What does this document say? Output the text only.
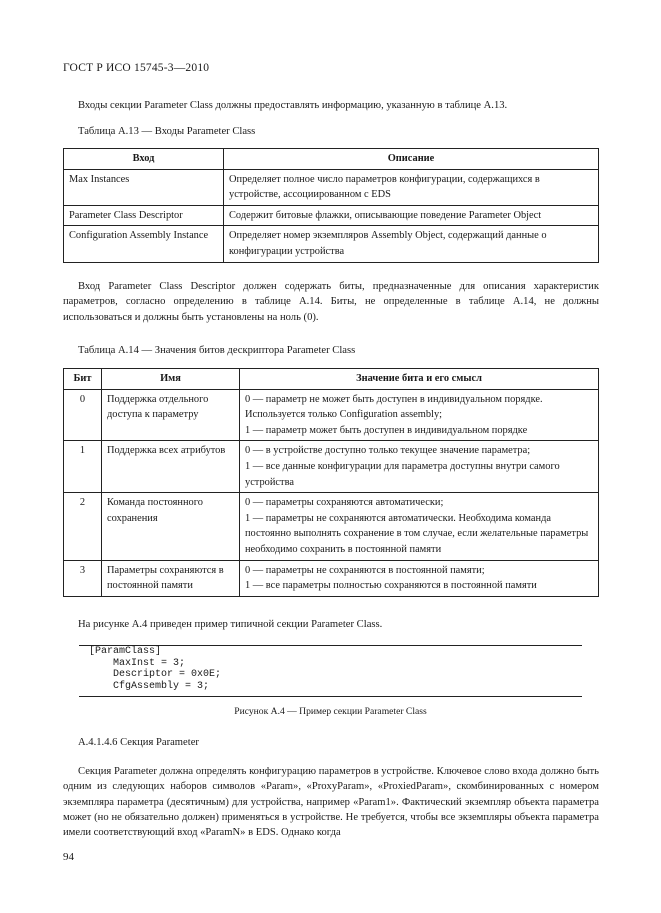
ГОСТ Р ИСО 15745-3—2010
Входы секции Parameter Class должны предоставлять информацию, указанную в таблице А.13.
Таблица А.13 — Входы Parameter Class
Вход	Описание
Max Instances	Определяет полное число параметров конфигурации, содержащихся в устройстве, ассоциированном с EDS
Parameter Class Descriptor	Содержит битовые флажки, описывающие поведение Parameter Object
Configuration Assembly Instance	Определяет номер экземпляров Assembly Object, содержащий данные о конфигурации устройства
Вход Parameter Class Descriptor должен содержать биты, предназначенные для описания характеристик параметров, согласно определению в таблице А.14. Биты, не определенные в таблице А.14, не должны использоваться и должны быть установлены на ноль (0).
Таблица А.14 — Значения битов дескриптора Parameter Class
Бит	Имя	Значение бита и его смысл
0	Поддержка отдельного доступа к параметру	0 — параметр не может быть доступен в индивидуальном порядке. Используется только Configuration assembly;
1 — параметр может быть доступен в индивидуальном порядке
1	Поддержка всех атрибутов	0 — в устройстве доступно только текущее значение параметра;
1 — все данные конфигурации для параметра доступны внутри самого устройства
2	Команда постоянного сохранения	0 — параметры сохраняются автоматически;
1 — параметры не сохраняются автоматически. Необходима команда постоянно выполнять сохранение в том случае, если желательные параметры необходимо сохранить в постоянной памяти
3	Параметры сохраняются в постоянной памяти	0 — параметры не сохраняются в постоянной памяти;
1 — все параметры полностью сохраняются в постоянной памяти
На рисунке А.4 приведен пример типичной секции Parameter Class.
[ParamClass]
MaxInst = 3;
Descriptor = 0x0E;
CfgAssembly = 3;
Рисунок А.4 — Пример секции Parameter Class
А.4.1.4.6 Секция Parameter
Секция Parameter должна определять конфигурацию параметров в устройстве. Ключевое слово входа должно быть одним из следующих наборов символов «Param», «ProxyParam», «ProxiedParam», скомбинированных с номером экземпляра параметра (десятичным) для устройства, например «Param1». Фактический экземпляр объекта параметра может (но не обязательно должен) применяться в устройстве. Не требуется, чтобы все экземпляры объекта параметра имели соответствующий вход «ParamN» в EDS. Однако когда
94
